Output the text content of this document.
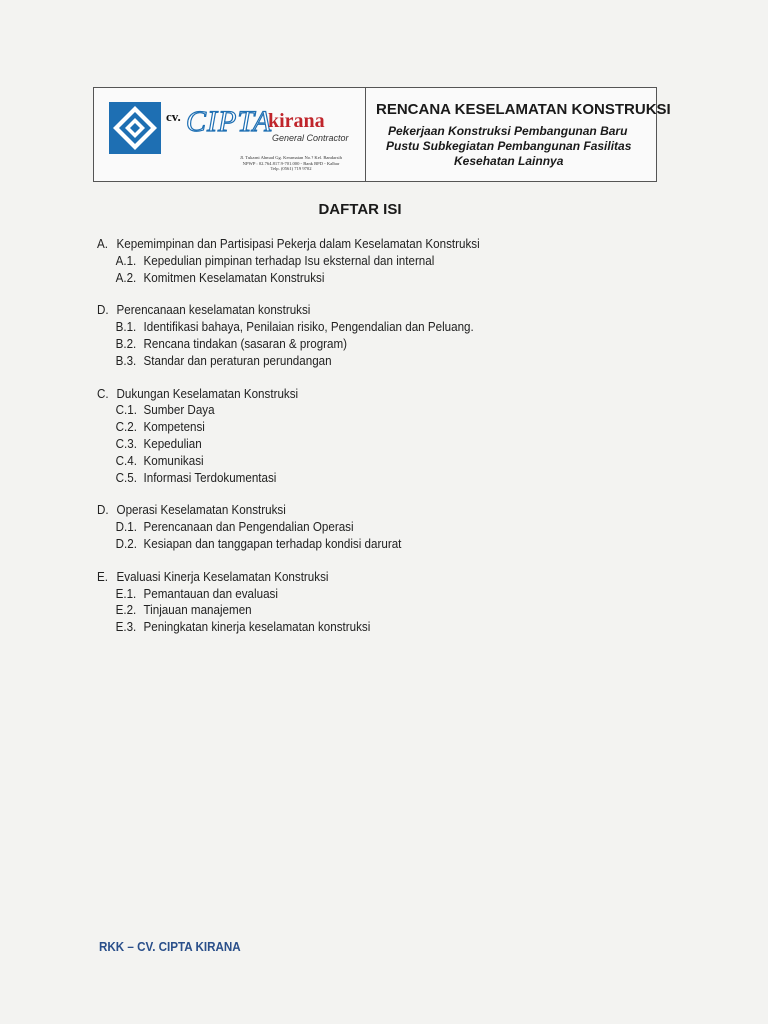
cv. CIPTA
kirana
General Contractor
Jl. Tukarni Ahmad Gg. Keramaian No.? Kel. Bandarsih
NPWP : 02.764.817.9-701.000 - Bank BPD - Kalbar
Telp. (0561) 719 9702
RENCANA KESELAMATAN KONSTRUKSI
Pekerjaan Konstruksi Pembangunan Baru
Pustu Subkegiatan Pembangunan Fasilitas
Kesehatan Lainnya
DAFTAR ISI
A. Kepemimpinan dan Partisipasi Pekerja dalam Keselamatan Konstruksi
A.1. Kepedulian pimpinan terhadap Isu eksternal dan internal
A.2. Komitmen Keselamatan Konstruksi
D. Perencanaan keselamatan konstruksi
B.1. Identifikasi bahaya, Penilaian risiko, Pengendalian dan Peluang.
B.2. Rencana tindakan (sasaran & program)
B.3. Standar dan peraturan perundangan
C. Dukungan Keselamatan Konstruksi
C.1. Sumber Daya
C.2. Kompetensi
C.3. Kepedulian
C.4. Komunikasi
C.5. Informasi Terdokumentasi
D. Operasi Keselamatan Konstruksi
D.1. Perencanaan dan Pengendalian Operasi
D.2. Kesiapan dan tanggapan terhadap kondisi darurat
E. Evaluasi Kinerja Keselamatan Konstruksi
E.1. Pemantauan dan evaluasi
E.2. Tinjauan manajemen
E.3. Peningkatan kinerja keselamatan konstruksi
RKK – CV. CIPTA KIRANA
